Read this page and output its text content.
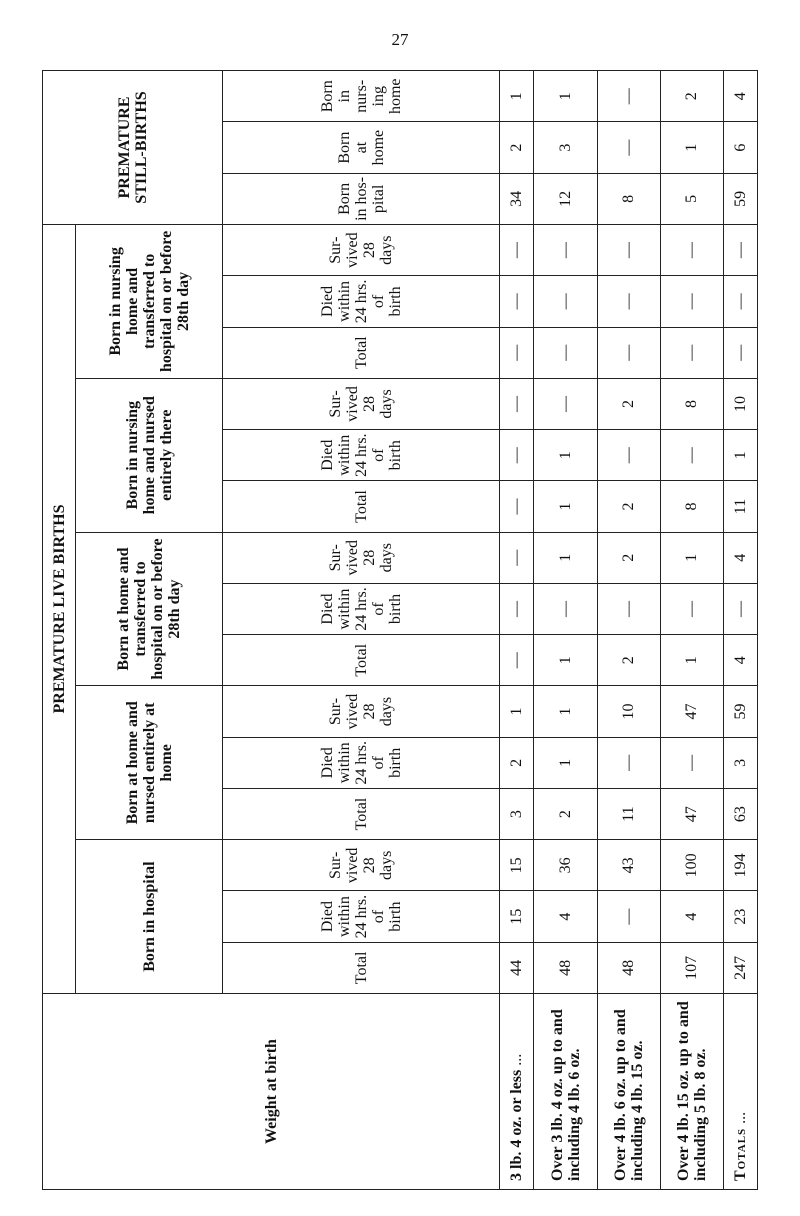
27
Weight at birth	PREMATURE LIVE BIRTHS															PREMATURE STILL-BIRTHS		
	Born in hospital			Born at home and nursed entirely at home			Born at home and transferred to hospital on or before 28th day			Born in nursing home and nursed entirely there			Born in nursing home and transferred to hospital on or before 28th day					
	Total	Died within 24 hrs. of birth	Sur-vived 28 days	Total	Died within 24 hrs. of birth	Sur-vived 28 days	Total	Died within 24 hrs. of birth	Sur-vived 28 days	Total	Died within 24 hrs. of birth	Sur-vived 28 days	Total	Died within 24 hrs. of birth	Sur-vived 28 days	Born in hos-pital	Born at home	Born in nurs-ing home
3 lb. 4 oz. or less ...	44	15	15	3	2	1	—	—	—	—	—	—	—	—	—	34	2	1
Over 3 lb. 4 oz. up to and including 4 lb. 6 oz.	48	4	36	2	1	1	1	—	1	1	1	—	—	—	—	12	3	1
Over 4 lb. 6 oz. up to and including 4 lb. 15 oz.	48	—	43	11	—	10	2	—	2	2	—	2	—	—	—	8	—	—
Over 4 lb. 15 oz. up to and including 5 lb. 8 oz.	107	4	100	47	—	47	1	—	1	8	—	8	—	—	—	5	1	2
Totals ...	247	23	194	63	3	59	4	—	4	11	1	10	—	—	—	59	6	4
